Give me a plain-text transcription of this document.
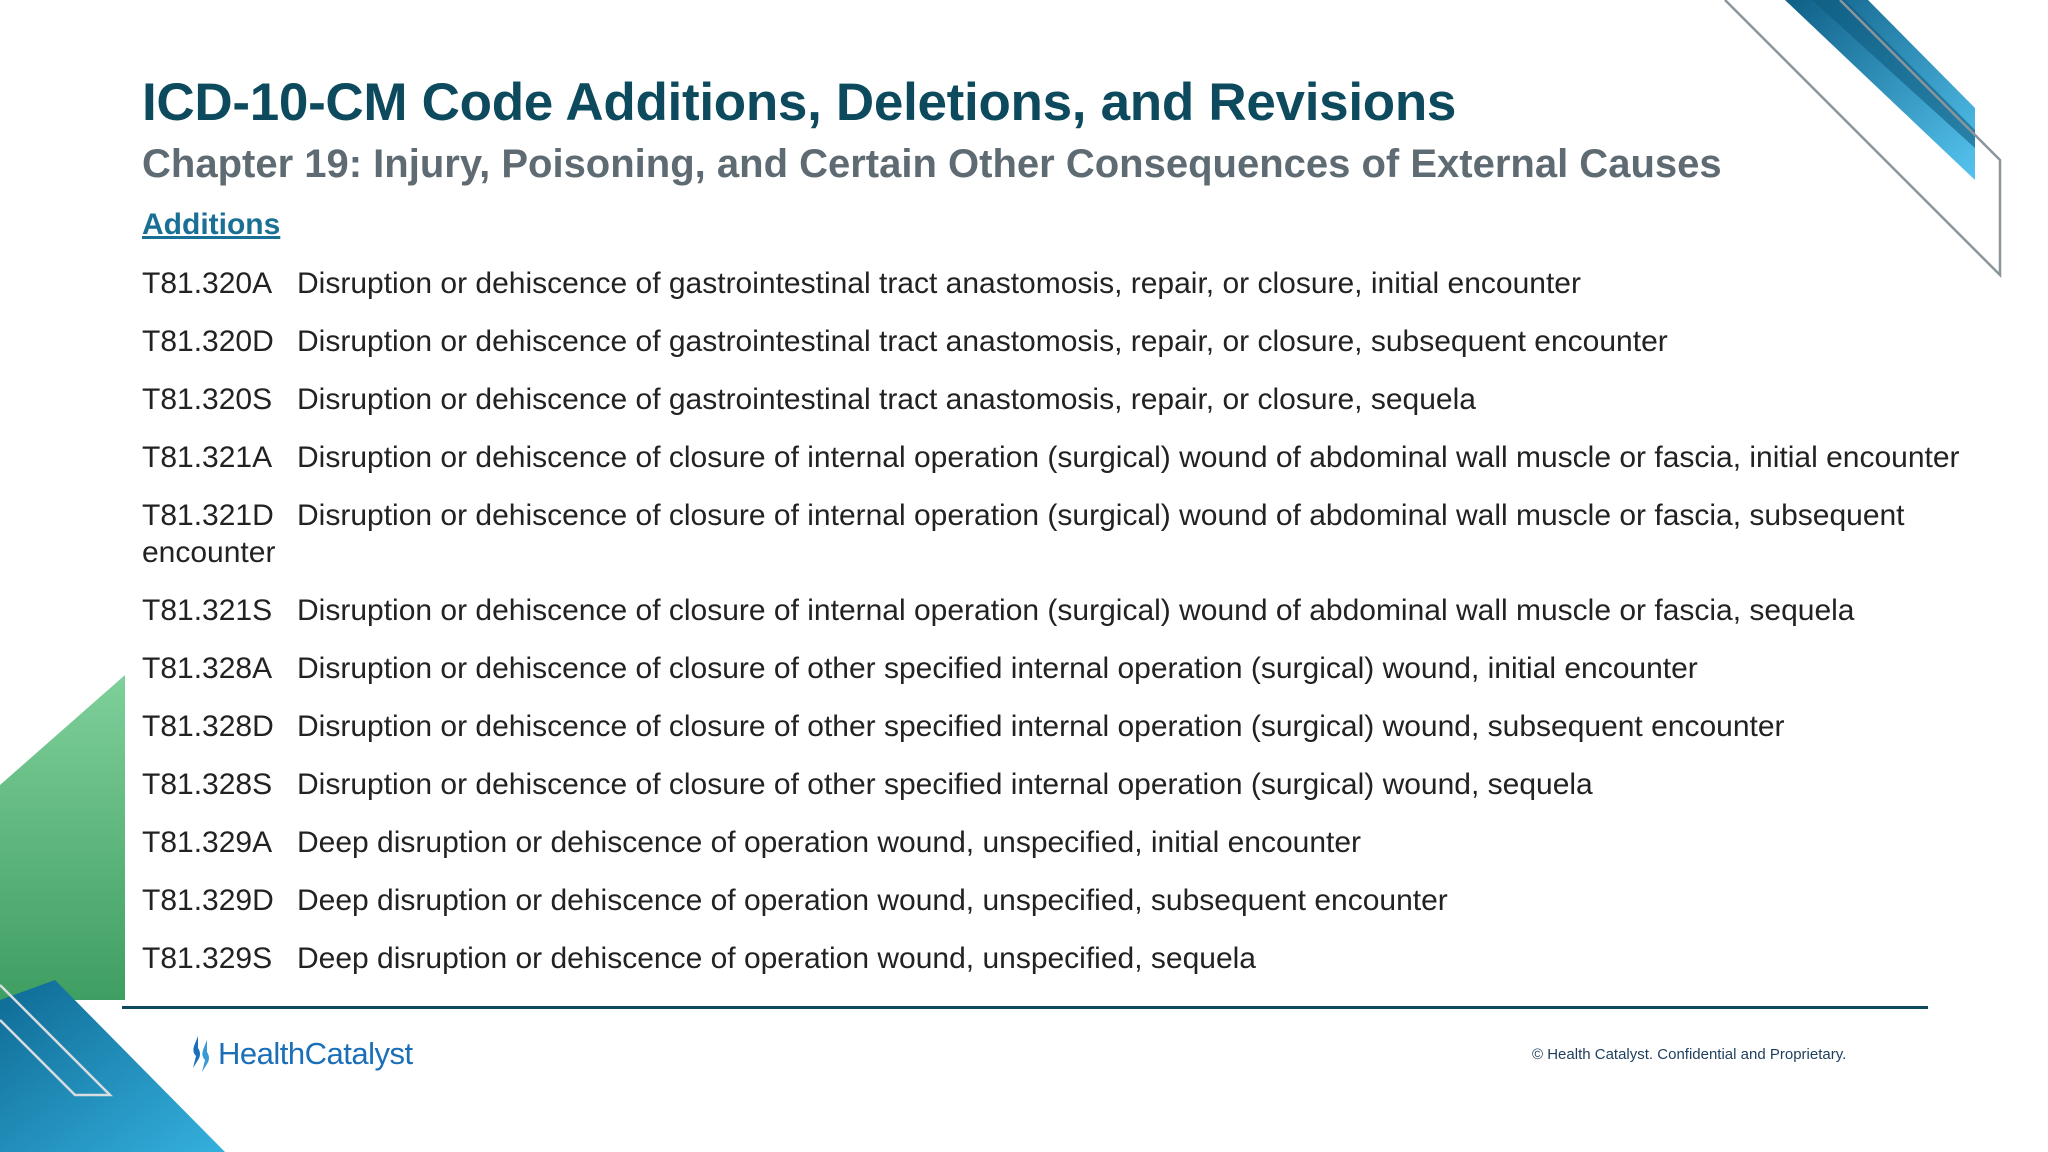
ICD-10-CM Code Additions, Deletions, and Revisions
Chapter 19: Injury, Poisoning, and Certain Other Consequences of External Causes
Additions
T81.320A Disruption or dehiscence of gastrointestinal tract anastomosis, repair, or closure, initial encounter
T81.320D Disruption or dehiscence of gastrointestinal tract anastomosis, repair, or closure, subsequent encounter
T81.320S Disruption or dehiscence of gastrointestinal tract anastomosis, repair, or closure, sequela
T81.321A Disruption or dehiscence of closure of internal operation (surgical) wound of abdominal wall muscle or fascia, initial encounter
T81.321D Disruption or dehiscence of closure of internal operation (surgical) wound of abdominal wall muscle or fascia, subsequent encounter
T81.321S Disruption or dehiscence of closure of internal operation (surgical) wound of abdominal wall muscle or fascia, sequela
T81.328A Disruption or dehiscence of closure of other specified internal operation (surgical) wound, initial encounter
T81.328D Disruption or dehiscence of closure of other specified internal operation (surgical) wound, subsequent encounter
T81.328S Disruption or dehiscence of closure of other specified internal operation (surgical) wound, sequela
T81.329A Deep disruption or dehiscence of operation wound, unspecified, initial encounter
T81.329D Deep disruption or dehiscence of operation wound, unspecified, subsequent encounter
T81.329S Deep disruption or dehiscence of operation wound, unspecified, sequela
HealthCatalyst	© Health Catalyst. Confidential and Proprietary.
